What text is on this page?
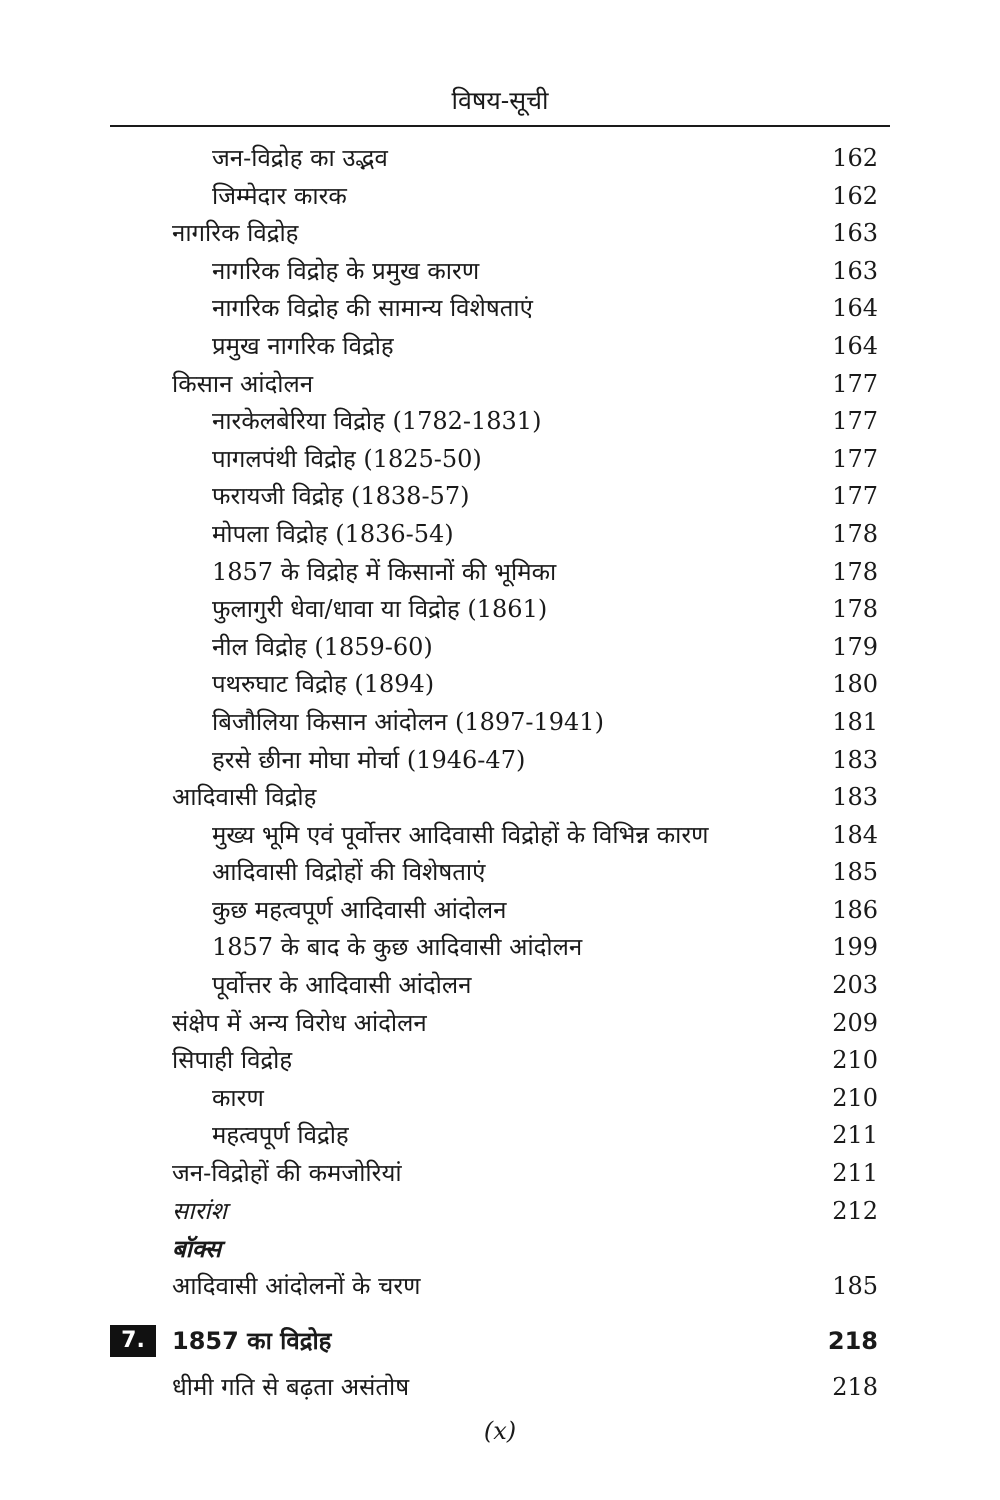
विषय-सूची
जन-विद्रोह का उद्भव	162
जिम्मेदार कारक	162
नागरिक विद्रोह	163
नागरिक विद्रोह के प्रमुख कारण	163
नागरिक विद्रोह की सामान्य विशेषताएं	164
प्रमुख नागरिक विद्रोह	164
किसान आंदोलन	177
नारकेलबेरिया विद्रोह (1782-1831)	177
पागलपंथी विद्रोह (1825-50)	177
फरायजी विद्रोह (1838-57)	177
मोपला विद्रोह (1836-54)	178
1857 के विद्रोह में किसानों की भूमिका	178
फुलागुरी धेवा/धावा या विद्रोह (1861)	178
नील विद्रोह (1859-60)	179
पथरुघाट विद्रोह (1894)	180
बिजौलिया किसान आंदोलन (1897-1941)	181
हरसे छीना मोघा मोर्चा (1946-47)	183
आदिवासी विद्रोह	183
मुख्य भूमि एवं पूर्वोत्तर आदिवासी विद्रोहों के विभिन्न कारण	184
आदिवासी विद्रोहों की विशेषताएं	185
कुछ महत्वपूर्ण आदिवासी आंदोलन	186
1857 के बाद के कुछ आदिवासी आंदोलन	199
पूर्वोत्तर के आदिवासी आंदोलन	203
संक्षेप में अन्य विरोध आंदोलन	209
सिपाही विद्रोह	210
कारण	210
महत्वपूर्ण विद्रोह	211
जन-विद्रोहों की कमजोरियां	211
सारांश	212
बॉक्स
आदिवासी आंदोलनों के चरण	185
7.	1857 का विद्रोह	218
धीमी गति से बढ़ता असंतोष	218
(x)
